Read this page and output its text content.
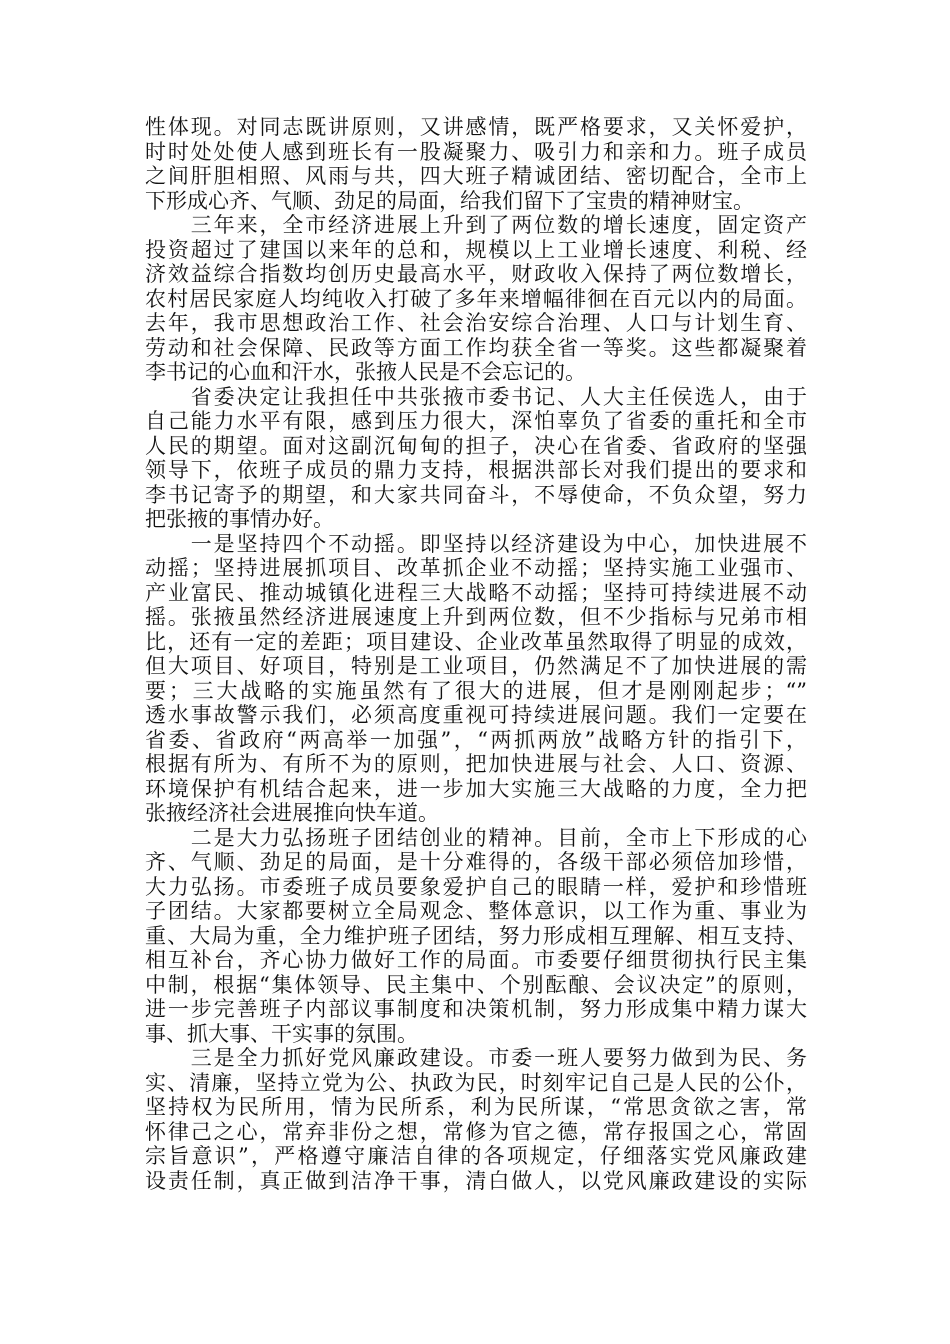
性体现。对同志既讲原则，又讲感情，既严格要求，又关怀爱护，
时时处处使人感到班长有一股凝聚力、吸引力和亲和力。班子成员
之间肝胆相照、风雨与共，四大班子精诚团结、密切配合，全市上
下形成心齐、气顺、劲足的局面，给我们留下了宝贵的精神财宝。
　　三年来，全市经济进展上升到了两位数的增长速度，固定资产
投资超过了建国以来年的总和，规模以上工业增长速度、利税、经
济效益综合指数均创历史最高水平，财政收入保持了两位数增长，
农村居民家庭人均纯收入打破了多年来增幅徘徊在百元以内的局面。
去年，我市思想政治工作、社会治安综合治理、人口与计划生育、
劳动和社会保障、民政等方面工作均获全省一等奖。这些都凝聚着
李书记的心血和汗水，张掖人民是不会忘记的。
　　省委决定让我担任中共张掖市委书记、人大主任侯选人，由于
自己能力水平有限，感到压力很大，深怕辜负了省委的重托和全市
人民的期望。面对这副沉甸甸的担子，决心在省委、省政府的坚强
领导下，依班子成员的鼎力支持，根据洪部长对我们提出的要求和
李书记寄予的期望，和大家共同奋斗，不辱使命，不负众望，努力
把张掖的事情办好。
　　一是坚持四个不动摇。即坚持以经济建设为中心，加快进展不
动摇；坚持进展抓项目、改革抓企业不动摇；坚持实施工业强市、
产业富民、推动城镇化进程三大战略不动摇；坚持可持续进展不动
摇。张掖虽然经济进展速度上升到两位数，但不少指标与兄弟市相
比，还有一定的差距；项目建设、企业改革虽然取得了明显的成效，
但大项目、好项目，特别是工业项目，仍然满足不了加快进展的需
要；三大战略的实施虽然有了很大的进展，但才是刚刚起步；“”
透水事故警示我们，必须高度重视可持续进展问题。我们一定要在
省委、省政府“两高举一加强”，“两抓两放”战略方针的指引下，
根据有所为、有所不为的原则，把加快进展与社会、人口、资源、
环境保护有机结合起来，进一步加大实施三大战略的力度，全力把
张掖经济社会进展推向快车道。
　　二是大力弘扬班子团结创业的精神。目前，全市上下形成的心
齐、气顺、劲足的局面，是十分难得的，各级干部必须倍加珍惜，
大力弘扬。市委班子成员要象爱护自己的眼睛一样，爱护和珍惜班
子团结。大家都要树立全局观念、整体意识，以工作为重、事业为
重、大局为重，全力维护班子团结，努力形成相互理解、相互支持、
相互补台，齐心协力做好工作的局面。市委要仔细贯彻执行民主集
中制，根据“集体领导、民主集中、个别酝酿、会议决定”的原则，
进一步完善班子内部议事制度和决策机制，努力形成集中精力谋大
事、抓大事、干实事的氛围。
　　三是全力抓好党风廉政建设。市委一班人要努力做到为民、务
实、清廉，坚持立党为公、执政为民，时刻牢记自己是人民的公仆，
坚持权为民所用，情为民所系，利为民所谋，“常思贪欲之害，常
怀律己之心，常弃非份之想，常修为官之德，常存报国之心，常固
宗旨意识”，严格遵守廉洁自律的各项规定，仔细落实党风廉政建
设责任制，真正做到洁净干事，清白做人，以党风廉政建设的实际
